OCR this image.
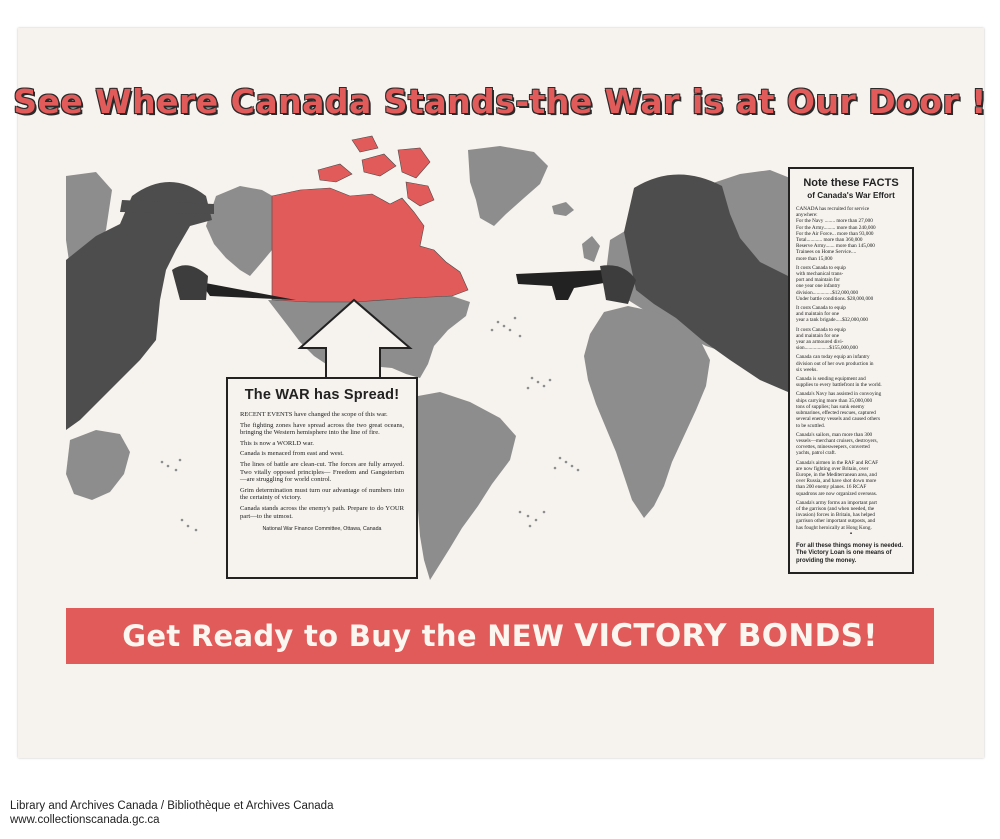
See Where Canada Stands-the War is at Our Door !
The WAR has Spread!

RECENT EVENTS have changed the scope of this war.

The fighting zones have spread across the two great oceans, bringing the Western hemisphere into the line of fire.

This is now a WORLD war.

Canada is menaced from east and west.

The lines of battle are clean-cut. The forces are fully arrayed. Two vitally opposed principles— Freedom and Gangsterism—are struggling for world control.

Grim determination must turn our advantage of numbers into the certainty of victory.

Canada stands across the enemy's path. Prepare to do YOUR part—to the utmost.

National War Finance Committee, Ottawa, Canada
Note these FACTS
of Canada's War Effort
CANADA has recruited for service
anywhere:
For the Navy ........ more than 27,000
For the Army......... more than 240,000
For the Air Force... more than 93,000
Total............ more than 360,000
Reserve Army....... more than 145,000
Trainees on Home Service....
more than 15,000
It costs Canada to equip
with mechanical trans-
port and maintain for
one year one infantry
division...............$12,000,000
Under battle conditions. $28,000,000
It costs Canada to equip
and maintain for one
year a tank brigade.....$32,000,000
It costs Canada to equip
and maintain for one
year an armoured divi-
sion...................$155,000,000
Canada can today equip an infantry
division out of her own production in
six weeks.
Canada is sending equipment and
supplies to every battlefront in the world.
Canada's Navy has assisted in convoying
ships carrying more than 35,000,000
tons of supplies; has sunk enemy
submarines, effected rescues, captured
several enemy vessels and caused others
to be scuttled.
Canada's sailors, man more than 300
vessels—merchant cruisers, destroyers,
corvettes, minesweepers, converted
yachts, patrol craft.
Canada's airmen in the RAF and RCAF
are now fighting over Britain, over
Europe, in the Mediterranean area, and
over Russia, and have shot down more
than 200 enemy planes. 16 RCAF
squadrons are now organized overseas.
Canada's army forms an important part
of the garrison (and when needed, the
invasion) forces in Britain, has helped
garrison other important outposts, and
has fought heroically at Hong Kong.
▪
For all these things money is needed. The Victory Loan is one means of providing the money.
Get Ready to Buy the NEW VICTORY BONDS!
Library and Archives Canada / Bibliothèque et Archives Canada
www.collectionscanada.gc.ca
